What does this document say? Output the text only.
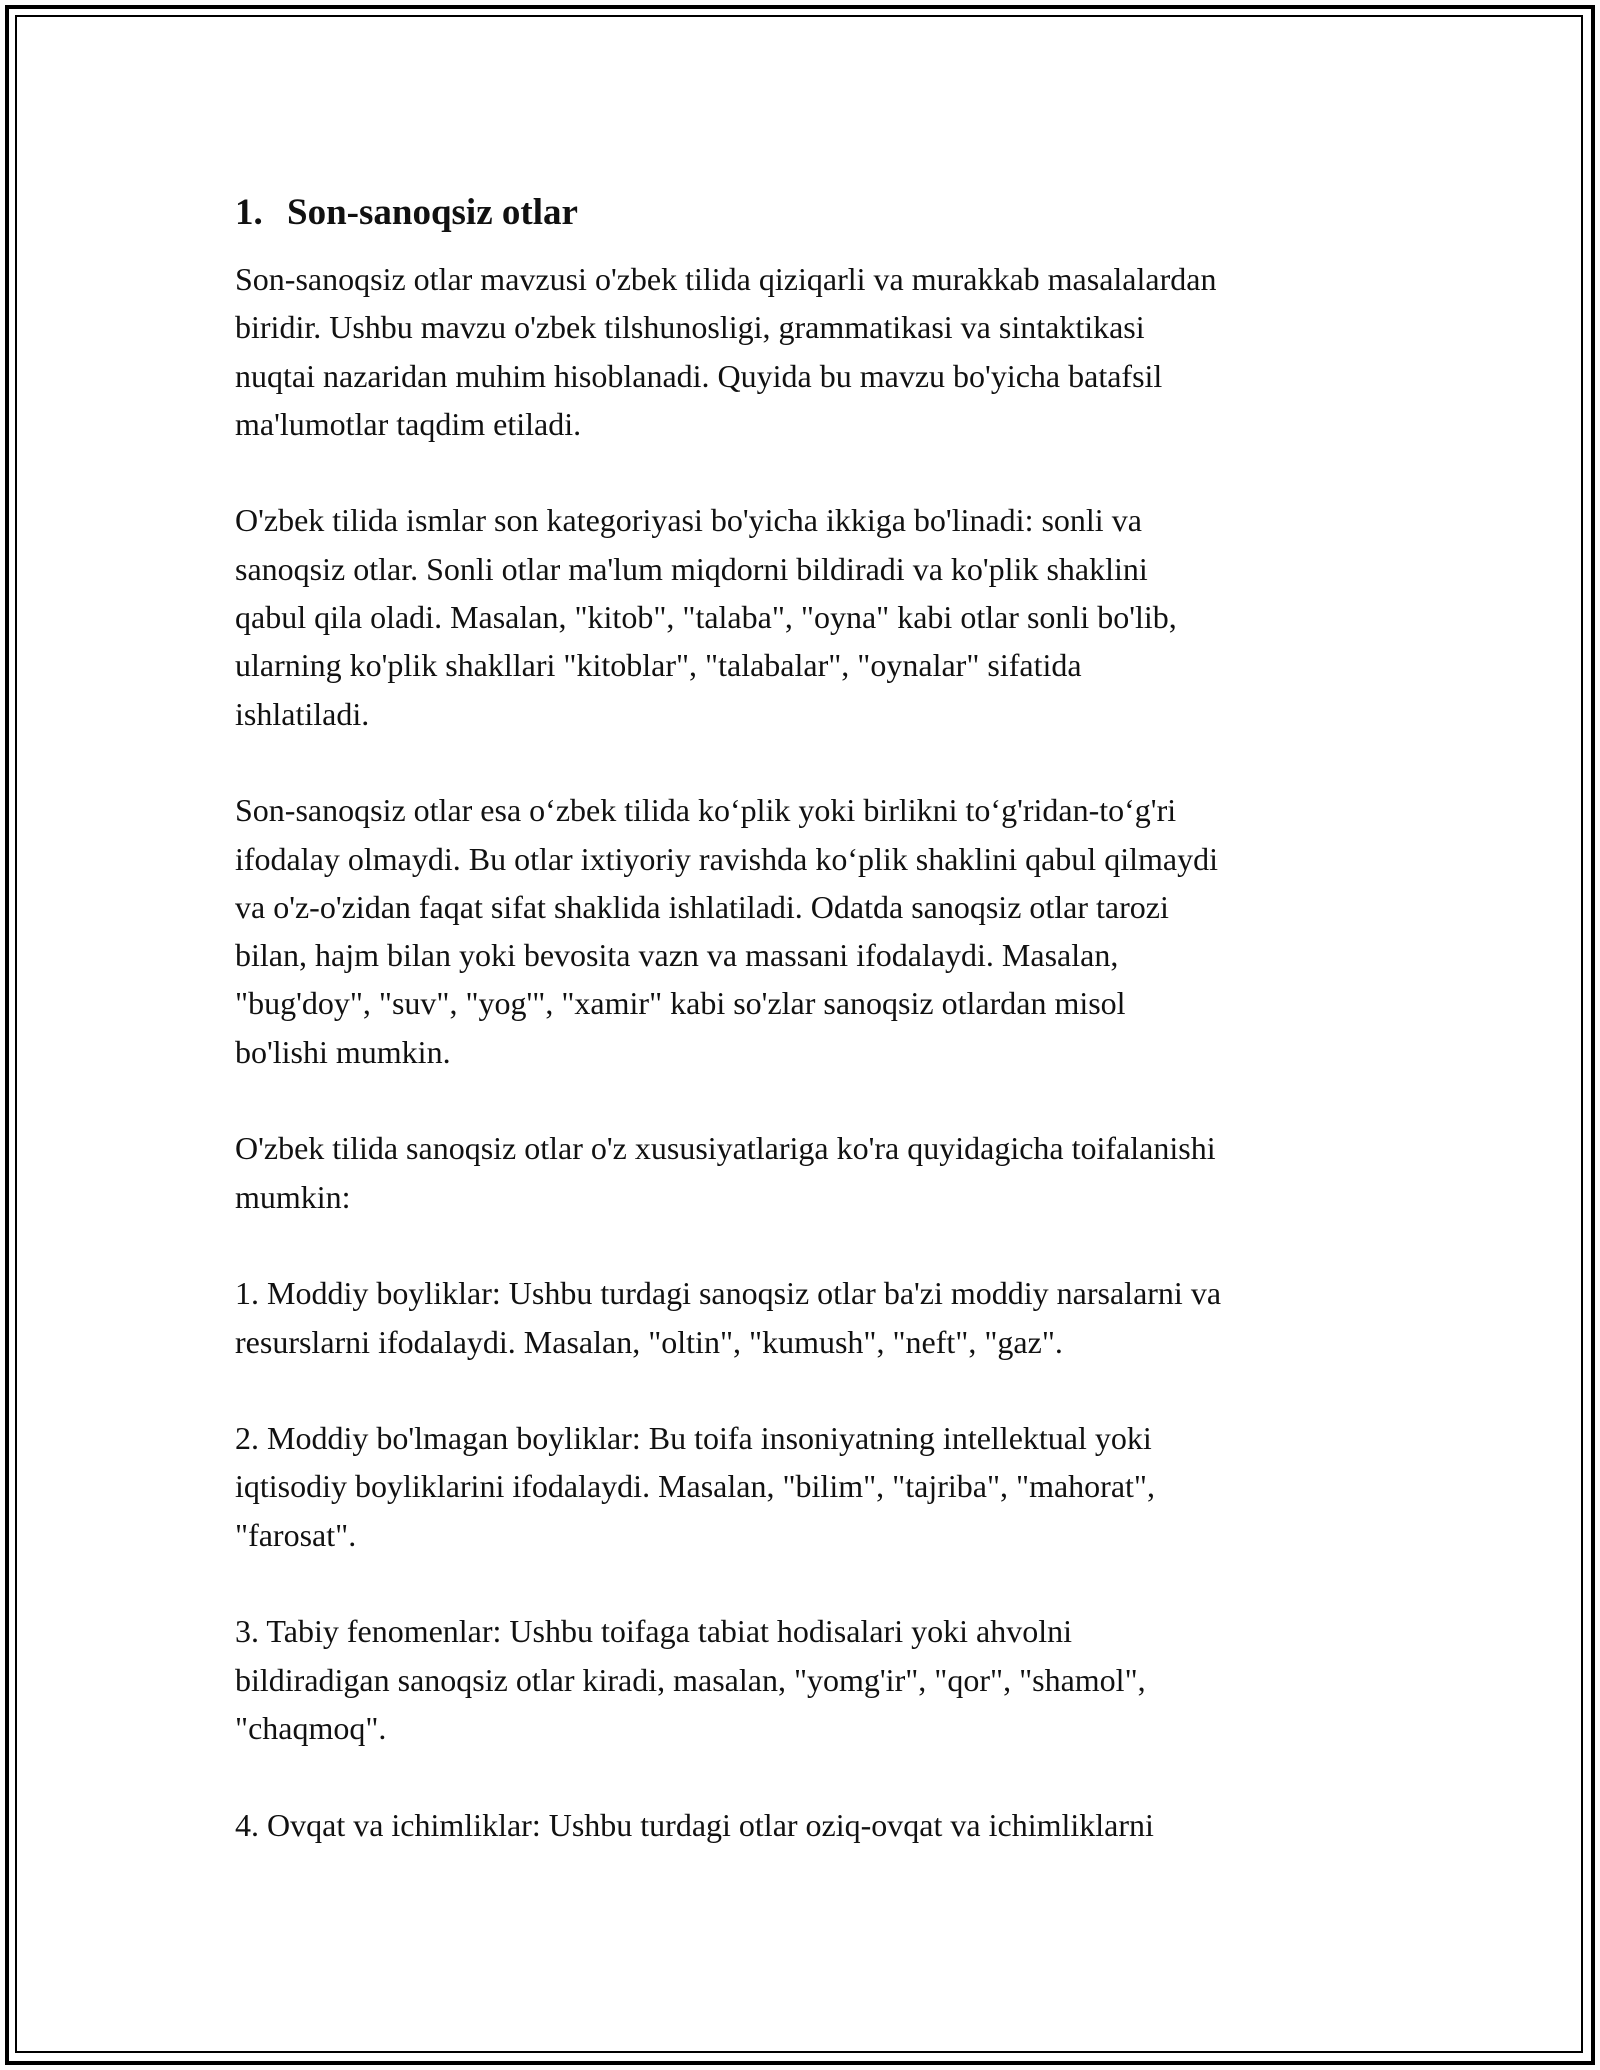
1. Son-sanoqsiz otlar

Son-sanoqsiz otlar mavzusi o'zbek tilida qiziqarli va murakkab masalalardan
biridir. Ushbu mavzu o'zbek tilshunosligi, grammatikasi va sintaktikasi
nuqtai nazaridan muhim hisoblanadi. Quyida bu mavzu bo'yicha batafsil
ma'lumotlar taqdim etiladi.

O'zbek tilida ismlar son kategoriyasi bo'yicha ikkiga bo'linadi: sonli va
sanoqsiz otlar. Sonli otlar ma'lum miqdorni bildiradi va ko'plik shaklini
qabul qila oladi. Masalan, "kitob", "talaba", "oyna" kabi otlar sonli bo'lib,
ularning ko'plik shakllari "kitoblar", "talabalar", "oynalar" sifatida
ishlatiladi.

Son-sanoqsiz otlar esa o‘zbek tilida ko‘plik yoki birlikni to‘g'ridan-to‘g'ri
ifodalay olmaydi. Bu otlar ixtiyoriy ravishda ko‘plik shaklini qabul qilmaydi
va o'z-o'zidan faqat sifat shaklida ishlatiladi. Odatda sanoqsiz otlar tarozi
bilan, hajm bilan yoki bevosita vazn va massani ifodalaydi. Masalan,
"bug'doy", "suv", "yog'", "xamir" kabi so'zlar sanoqsiz otlardan misol
bo'lishi mumkin.

O'zbek tilida sanoqsiz otlar o'z xususiyatlariga ko'ra quyidagicha toifalanishi
mumkin:

1. Moddiy boyliklar: Ushbu turdagi sanoqsiz otlar ba'zi moddiy narsalarni va
resurslarni ifodalaydi. Masalan, "oltin", "kumush", "neft", "gaz".

2. Moddiy bo'lmagan boyliklar: Bu toifa insoniyatning intellektual yoki
iqtisodiy boyliklarini ifodalaydi. Masalan, "bilim", "tajriba", "mahorat",
"farosat".

3. Tabiy fenomenlar: Ushbu toifaga tabiat hodisalari yoki ahvolni
bildiradigan sanoqsiz otlar kiradi, masalan, "yomg'ir", "qor", "shamol",
"chaqmoq".

4. Ovqat va ichimliklar: Ushbu turdagi otlar oziq-ovqat va ichimliklarni
